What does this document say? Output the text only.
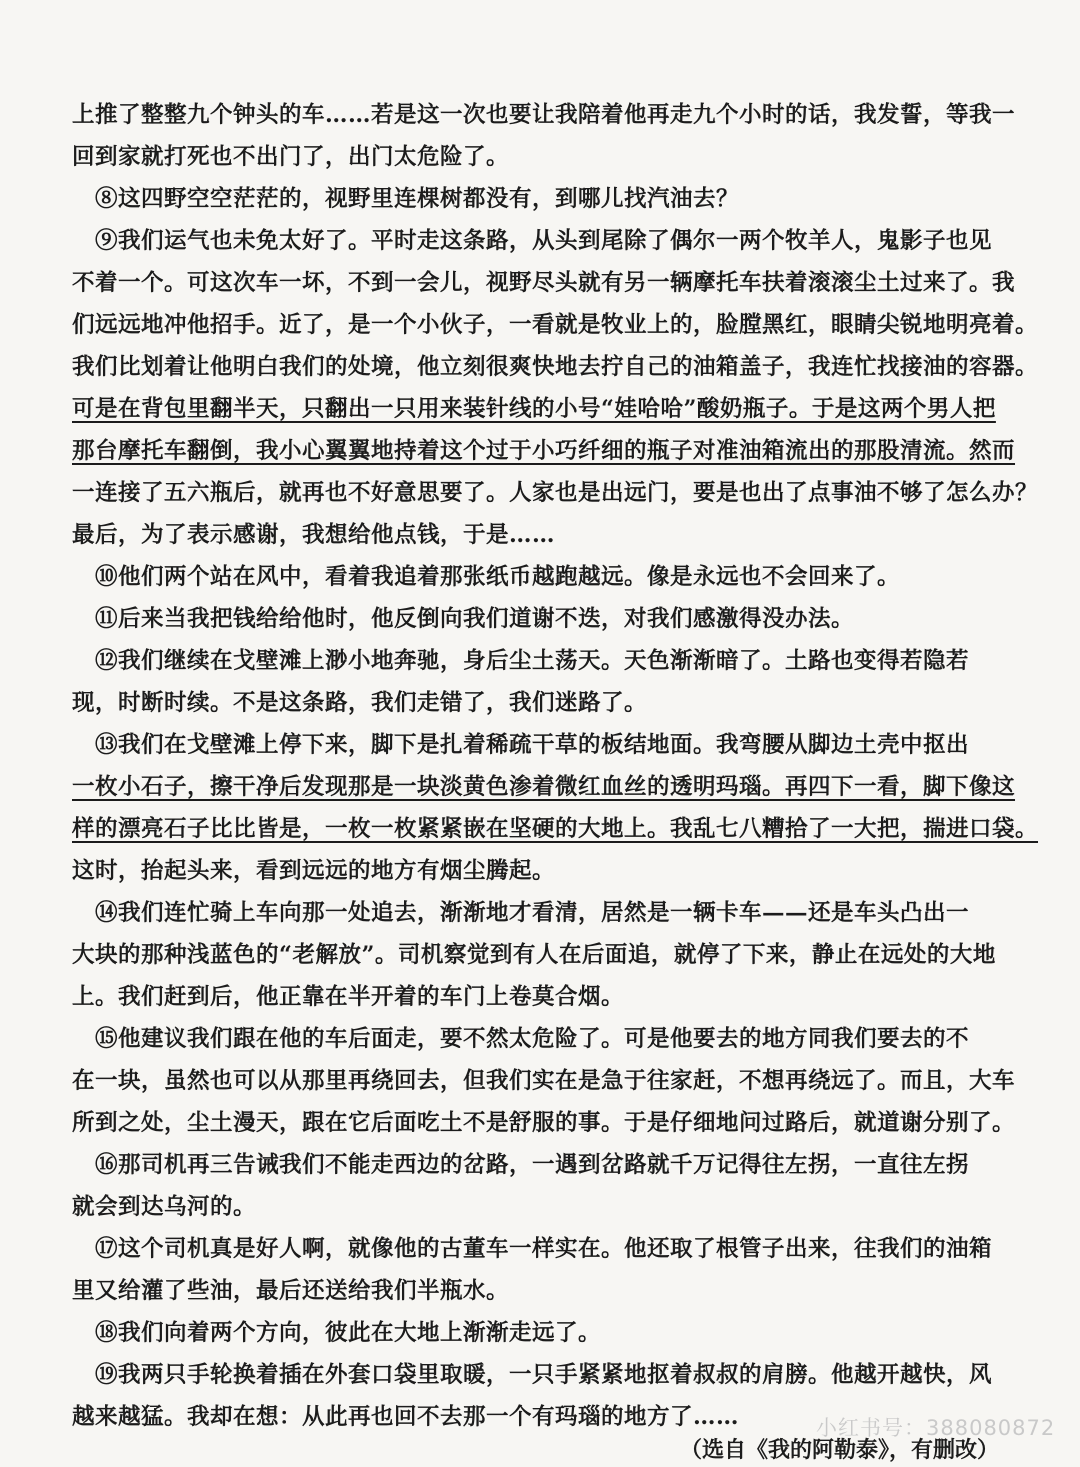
上推了整整九个钟头的车……若是这一次也要让我陪着他再走九个小时的话，我发誓，等我一
回到家就打死也不出门了，出门太危险了。
　⑧这四野空空茫茫的，视野里连棵树都没有，到哪儿找汽油去？
　⑨我们运气也未免太好了。平时走这条路，从头到尾除了偶尔一两个牧羊人，鬼影子也见
不着一个。可这次车一坏，不到一会儿，视野尽头就有另一辆摩托车扶着滚滚尘土过来了。我
们远远地冲他招手。近了，是一个小伙子，一看就是牧业上的，脸膛黑红，眼睛尖锐地明亮着。
我们比划着让他明白我们的处境，他立刻很爽快地去拧自己的油箱盖子，我连忙找接油的容器。
可是在背包里翻半天，只翻出一只用来装针线的小号“娃哈哈”酸奶瓶子。于是这两个男人把
那台摩托车翻倒，我小心翼翼地持着这个过于小巧纤细的瓶子对准油箱流出的那股清流。然而
一连接了五六瓶后，就再也不好意思要了。人家也是出远门，要是也出了点事油不够了怎么办？
最后，为了表示感谢，我想给他点钱，于是……
　⑩他们两个站在风中，看着我追着那张纸币越跑越远。像是永远也不会回来了。
　⑪后来当我把钱给给他时，他反倒向我们道谢不迭，对我们感激得没办法。
　⑫我们继续在戈壁滩上渺小地奔驰，身后尘土荡天。天色渐渐暗了。土路也变得若隐若
现，时断时续。不是这条路，我们走错了，我们迷路了。
　⑬我们在戈壁滩上停下来，脚下是扎着稀疏干草的板结地面。我弯腰从脚边土壳中抠出
一枚小石子，擦干净后发现那是一块淡黄色渗着微红血丝的透明玛瑙。再四下一看，脚下像这
样的漂亮石子比比皆是，一枚一枚紧紧嵌在坚硬的大地上。我乱七八糟拾了一大把，揣进口袋。
这时，抬起头来，看到远远的地方有烟尘腾起。
　⑭我们连忙骑上车向那一处追去，渐渐地才看清，居然是一辆卡车——还是车头凸出一
大块的那种浅蓝色的“老解放”。司机察觉到有人在后面追，就停了下来，静止在远处的大地
上。我们赶到后，他正靠在半开着的车门上卷莫合烟。
　⑮他建议我们跟在他的车后面走，要不然太危险了。可是他要去的地方同我们要去的不
在一块，虽然也可以从那里再绕回去，但我们实在是急于往家赶，不想再绕远了。而且，大车
所到之处，尘土漫天，跟在它后面吃土不是舒服的事。于是仔细地问过路后，就道谢分别了。
　⑯那司机再三告诫我们不能走西边的岔路，一遇到岔路就千万记得往左拐，一直往左拐
就会到达乌河的。
　⑰这个司机真是好人啊，就像他的古董车一样实在。他还取了根管子出来，往我们的油箱
里又给灌了些油，最后还送给我们半瓶水。
　⑱我们向着两个方向，彼此在大地上渐渐走远了。
　⑲我两只手轮换着插在外套口袋里取暖，一只手紧紧地抠着叔叔的肩膀。他越开越快，风
越来越猛。我却在想：从此再也回不去那一个有玛瑙的地方了……	小红书号：388080872
（选自《我的阿勒泰》，有删改）
